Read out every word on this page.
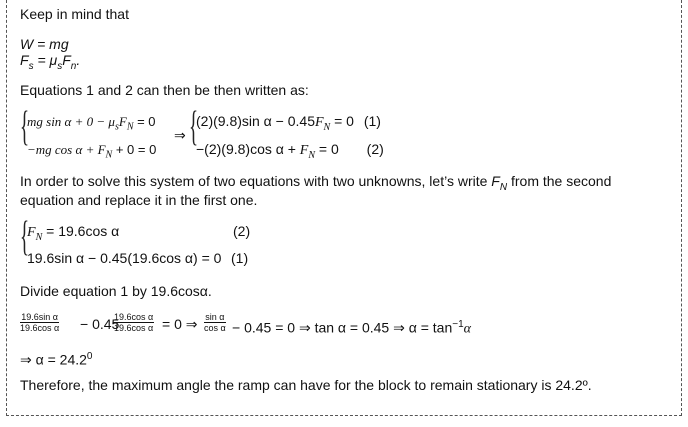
Keep in mind that
W = mg
$F_s = \mu_sF_n$.
Equations 1 and 2 can then be then written as:
{
mg $\sin \alpha + 0 - \mu_sF_N = 0$
−mg $\cos \alpha + F_N + 0 = 0$
⇒ {
(2)(9.8)sin $\alpha - 0.45F_N = 0$ (1)
−(2)(9.8)cos $\alpha + F_N = 0$ (2)
In order to solve this system of two equations with two unknowns, let’s write $F_N$ from the second
equation and replace it in the first one.
{
$F_N = 19.6\cos$ α	(2)
19.6sin α − 0.45(19.6cos α) = 0 (1)
Divide equation 1 by 19.6cosα.
$\frac{\text{19.6sin α}}{\text{19.6cos α}} - 0.45$
$\frac{\text{19.6cos α}}{\text{19.6cos α}} = 0$ ⇒ $\frac{\text{sin α}}{\text{cos α}} - 0.45 = 0$ ⇒ tan α = 0.45 ⇒ $\alpha = \tan^{-1}\alpha$
⇒ $\alpha = 24.2^0$
Therefore, the maximum angle the ramp can have for the block to remain stationary is 24.2º.
